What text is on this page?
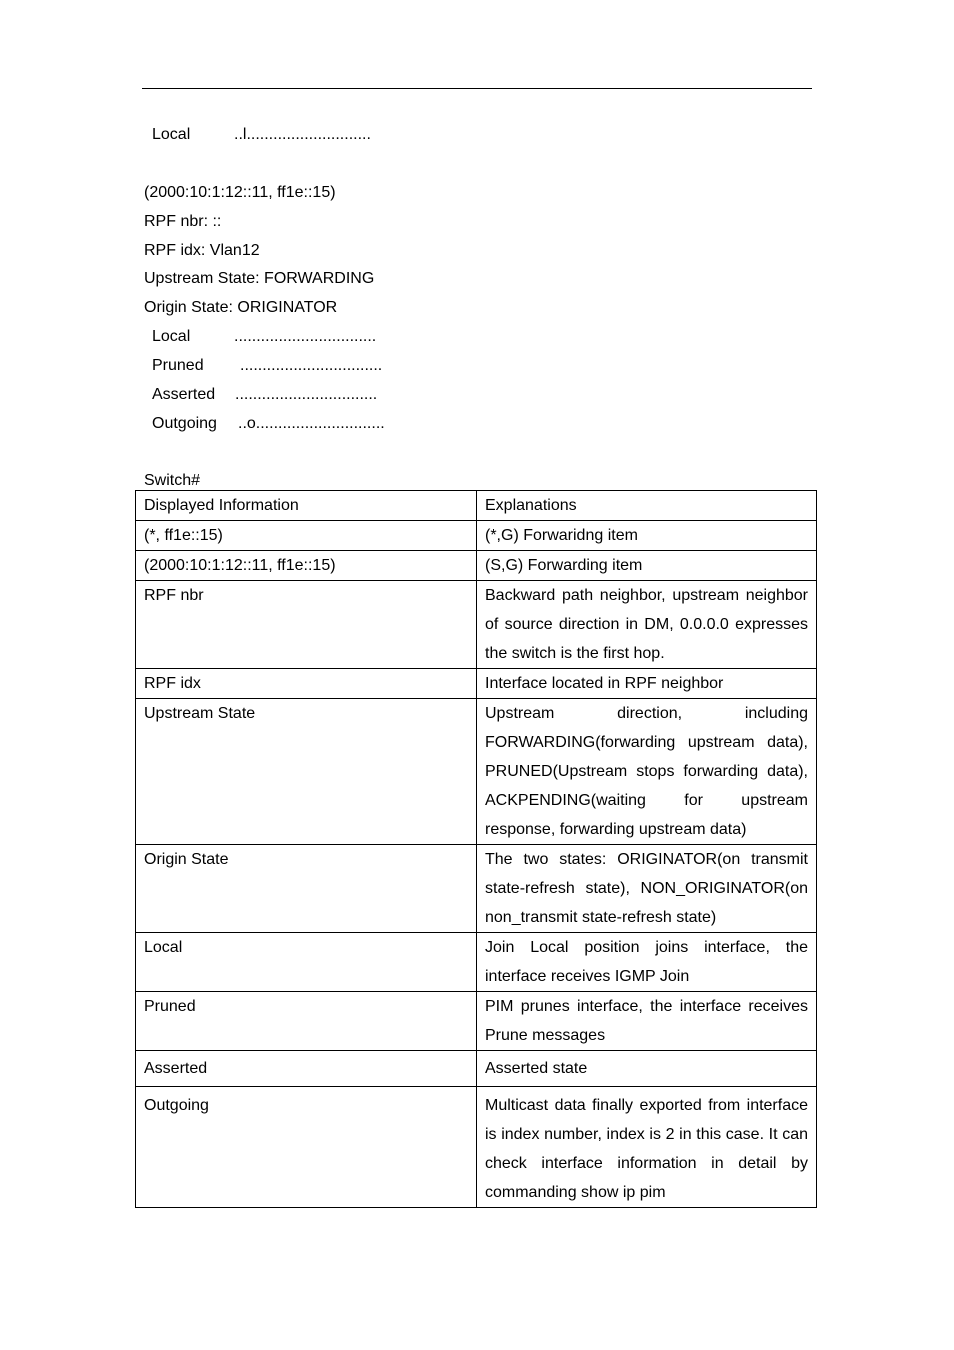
Local	..l............................
(2000:10:1:12::11, ff1e::15)
RPF nbr: ::
RPF idx: Vlan12
Upstream State: FORWARDING
Origin State: ORIGINATOR
Local	................................
Pruned ................................
Asserted ................................
Outgoing ..o.............................
Switch#
Displayed Information	Explanations
(*, ff1e::15)	(*,G) Forwaridng item
(2000:10:1:12::11, ff1e::15)	(S,G) Forwarding item
RPF nbr	Backward path neighbor, upstream neighbor of source direction in DM, 0.0.0.0 expresses the switch is the first hop.
RPF idx	Interface located in RPF neighbor
Upstream State	Upstream direction, including FORWARDING(forwarding upstream data), PRUNED(Upstream stops forwarding data), ACKPENDING(waiting for upstream response, forwarding upstream data)
Origin State	The two states: ORIGINATOR(on transmit state-refresh state), NON_ORIGINATOR(on non_transmit state-refresh state)
Local	Join Local position joins interface, the interface receives IGMP Join
Pruned	PIM prunes interface, the interface receives Prune messages
Asserted	Asserted state
Outgoing	Multicast data finally exported from interface is index number, index is 2 in this case. It can check interface information in detail by commanding show ip pim
